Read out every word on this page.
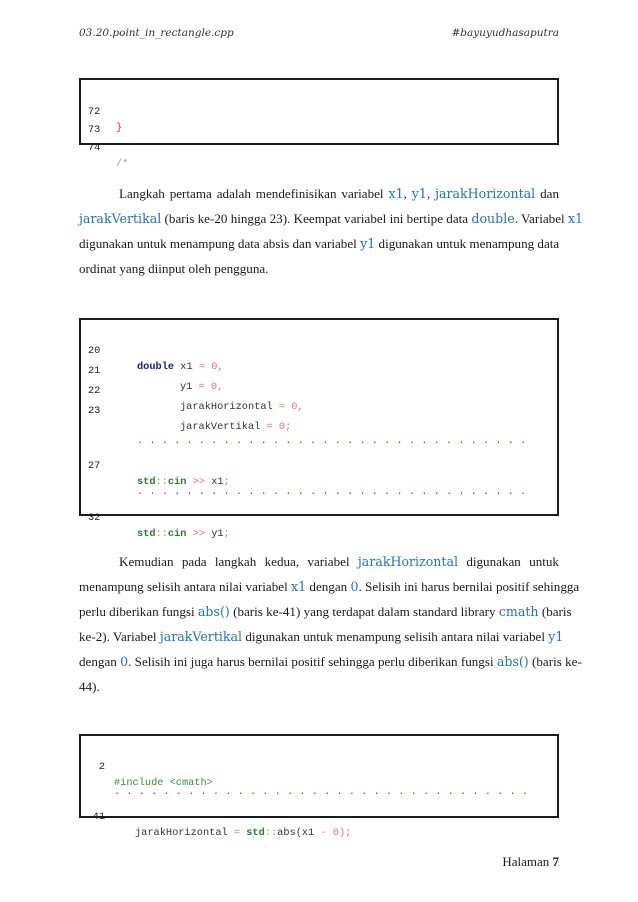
03.20.point_in_rectangle.cpp	#bayuyudhasaputra

72

}

73

74

/*

Langkah pertama adalah mendefinisikan variabel x1, y1, jarakHorizontal dan
jarakVertikal (baris ke-20 hingga 23). Keempat variabel ini bertipe data double. Variabel x1
digunakan untuk menampung data absis dan variabel y1 digunakan untuk menampung data
ordinat yang diinput oleh pengguna.

20

double x1 = 0,

21

y1 = 0,

22

jarakHorizontal = 0,

23

jarakVertikal = 0;

. . . . . . . . . . . . . . . . . . . . . . . . . . . . . . . .

27

std::cin >> x1;

. . . . . . . . . . . . . . . . . . . . . . . . . . . . . . . .

32

std::cin >> y1;

Kemudian pada langkah kedua, variabel jarakHorizontal digunakan untuk
menampung selisih antara nilai variabel x1 dengan 0. Selisih ini harus bernilai positif sehingga
perlu diberikan fungsi abs() (baris ke-41) yang terdapat dalam standard library cmath (baris
ke-2). Variabel jarakVertikal digunakan untuk menampung selisih antara nilai variabel y1
dengan 0. Selisih ini juga harus bernilai positif sehingga perlu diberikan fungsi abs() (baris ke-
44).

2

#include <cmath>

. . . . . . . . . . . . . . . . . . . . . . . . . . . . . . . . . .

41

jarakHorizontal = std::abs(x1 - 0);

Halaman 7
